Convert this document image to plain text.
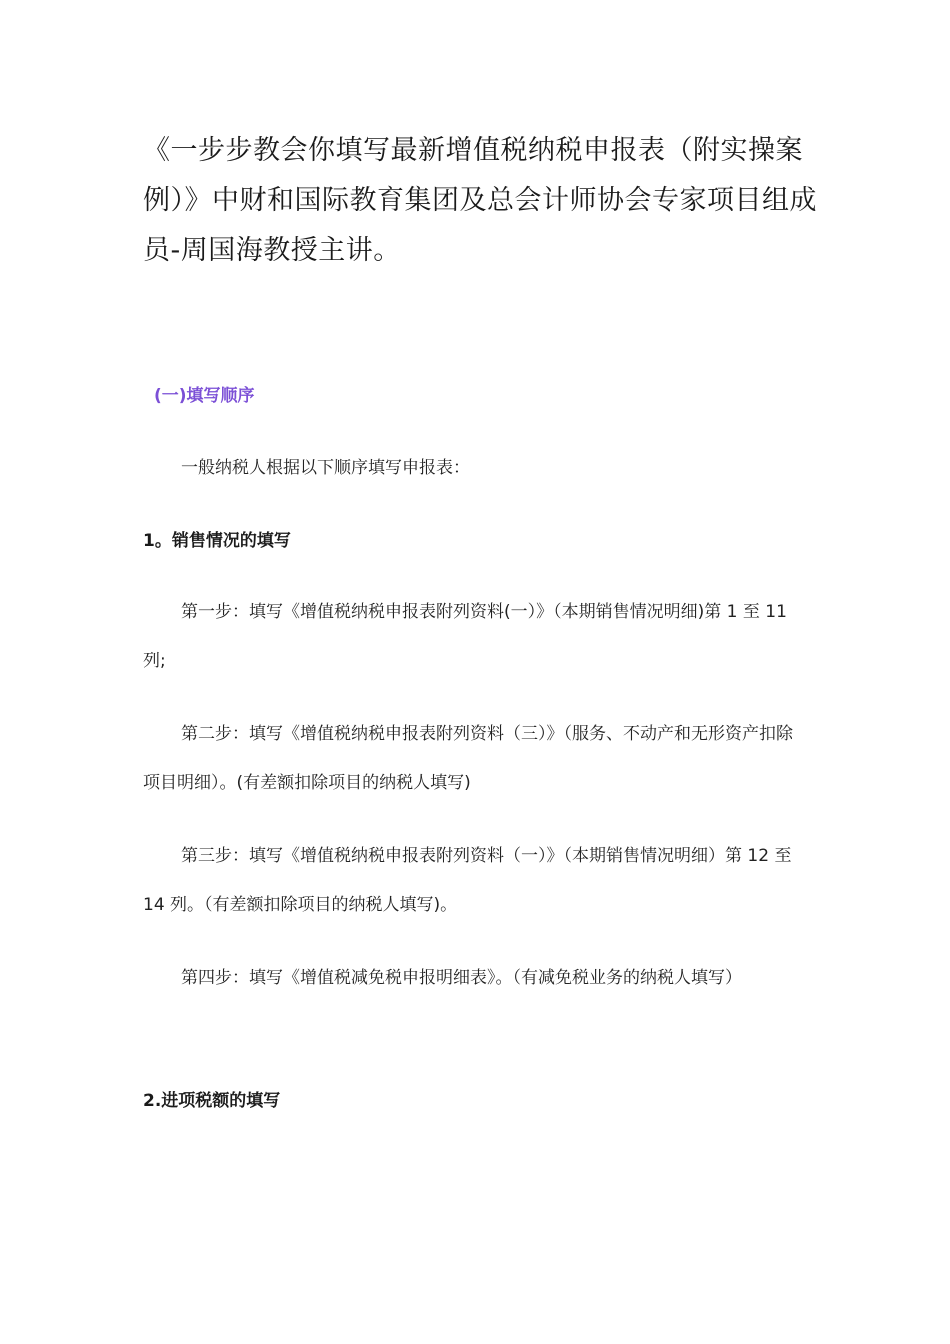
《一步步教会你填写最新增值税纳税申报表（附实操案例）》中财和国际教育集团及总会计师协会专家项目组成员-周国海教授主讲。

(一)填写顺序

一般纳税人根据以下顺序填写申报表：

1。销售情况的填写

第一步：填写《增值税纳税申报表附列资料(一）》（本期销售情况明细)第 1 至 11 列;

第二步：填写《增值税纳税申报表附列资料（三）》（服务、不动产和无形资产扣除项目明细）。(有差额扣除项目的纳税人填写)

第三步：填写《增值税纳税申报表附列资料（一）》（本期销售情况明细）第 12 至 14 列。（有差额扣除项目的纳税人填写)。

第四步：填写《增值税减免税申报明细表》。（有减免税业务的纳税人填写）

2.进项税额的填写
